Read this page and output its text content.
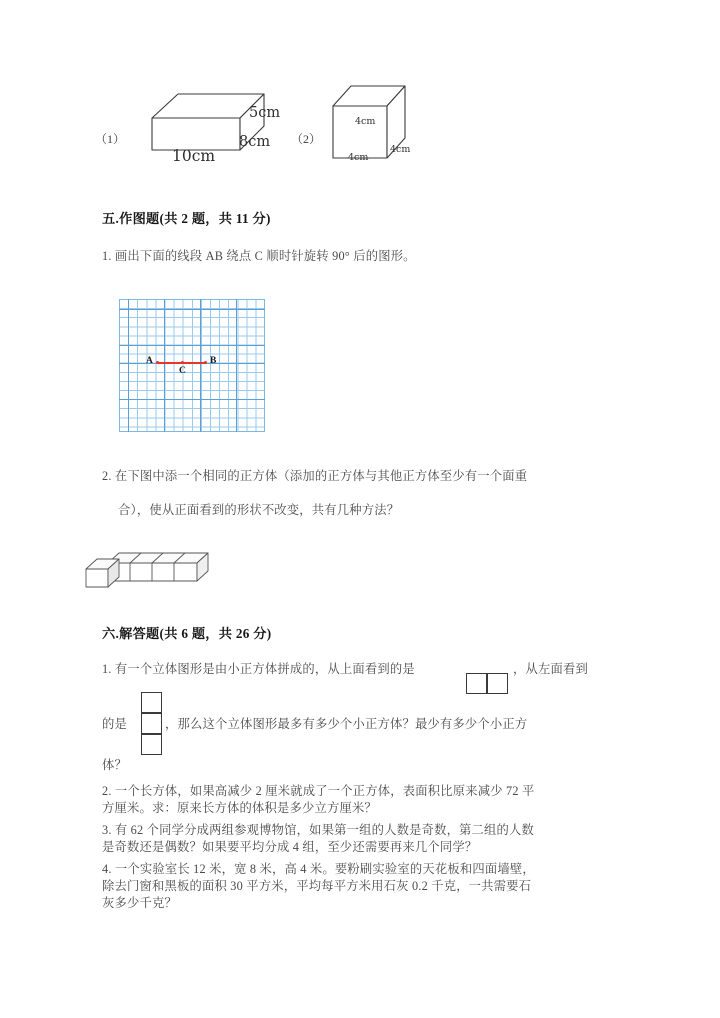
（1）
5cm
8cm
10cm
（2）
4cm
4cm
4cm
五.作图题(共 2 题，共 11 分)
1. 画出下面的线段 AB 绕点 C 顺时针旋转 90° 后的图形。
A	B
C
2. 在下图中添一个相同的正方体（添加的正方体与其他正方体至少有一个面重
合），使从正面看到的形状不改变，共有几种方法？
六.解答题(共 6 题，共 26 分)
1. 有一个立体图形是由小正方体拼成的，从上面看到的是	，从左面看到
的是	，那么这个立体图形最多有多少个小正方体？最少有多少个小正方
体？
2. 一个长方体，如果高减少 2 厘米就成了一个正方体，表面积比原来减少 72 平
方厘米。求：原来长方体的体积是多少立方厘米？
3. 有 62 个同学分成两组参观博物馆，如果第一组的人数是奇数，第二组的人数
是奇数还是偶数？如果要平均分成 4 组，至少还需要再来几个同学？
4. 一个实验室长 12 米，宽 8 米，高 4 米。要粉刷实验室的天花板和四面墙壁，
除去门窗和黑板的面积 30 平方米，平均每平方米用石灰 0.2 千克，一共需要石
灰多少千克？
